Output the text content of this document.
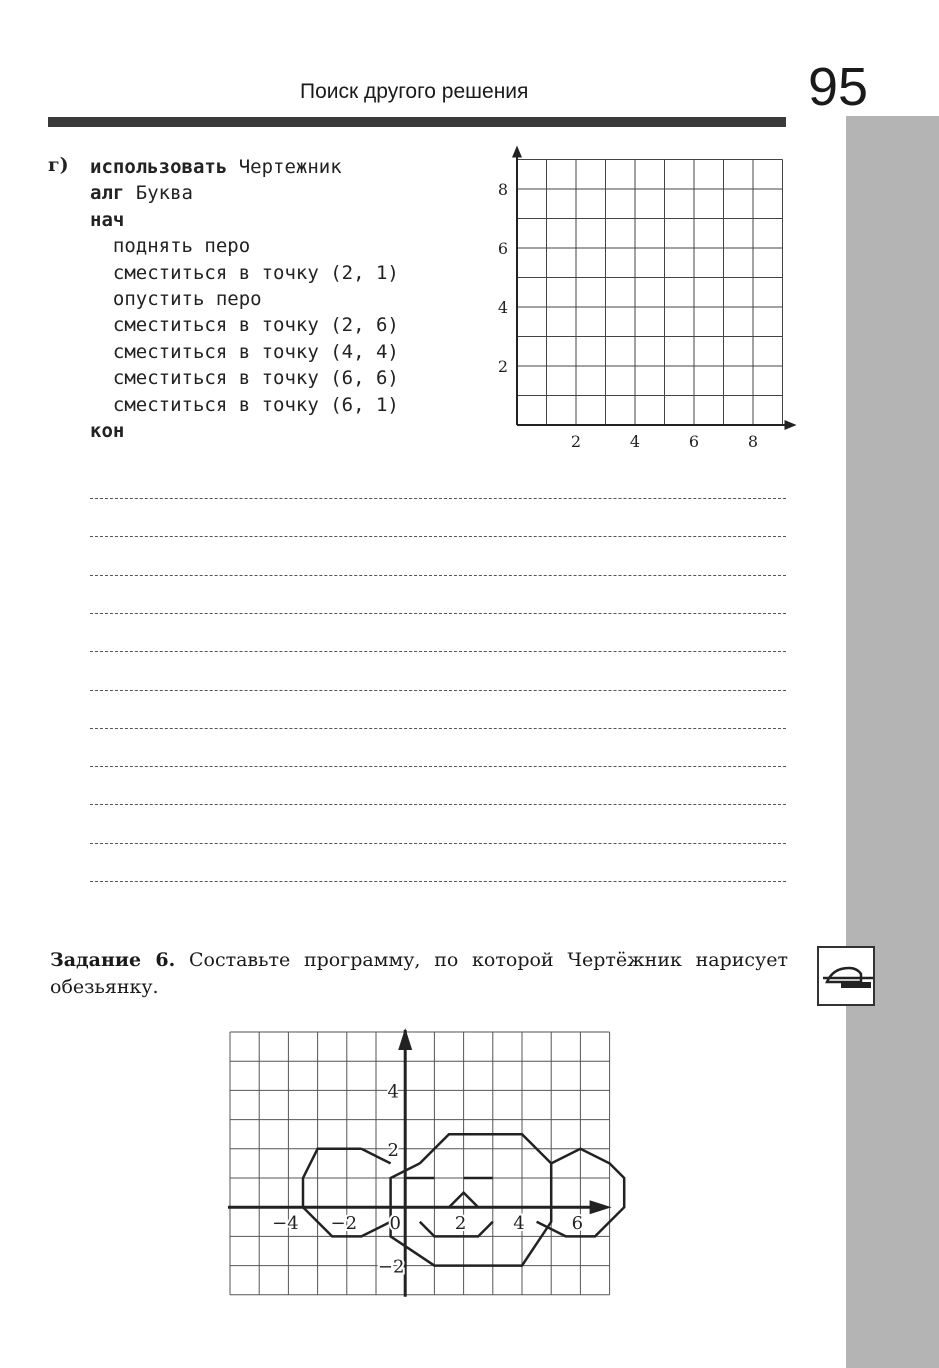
Поиск другого решения	95
г) использовать Чертежник
алг Буква
нач
поднять перо
сместиться в точку (2, 1)
опустить перо
сместиться в точку (2, 6)
сместиться в точку (4, 4)
сместиться в точку (6, 6)
сместиться в точку (6, 1)
кон	2	4	6	8
2
4
6
8
Задание 6. Составьте программу, по которой Чертёжник нарисует обезьянку.
−4 −2 0	2	4	6
4
2
−2
